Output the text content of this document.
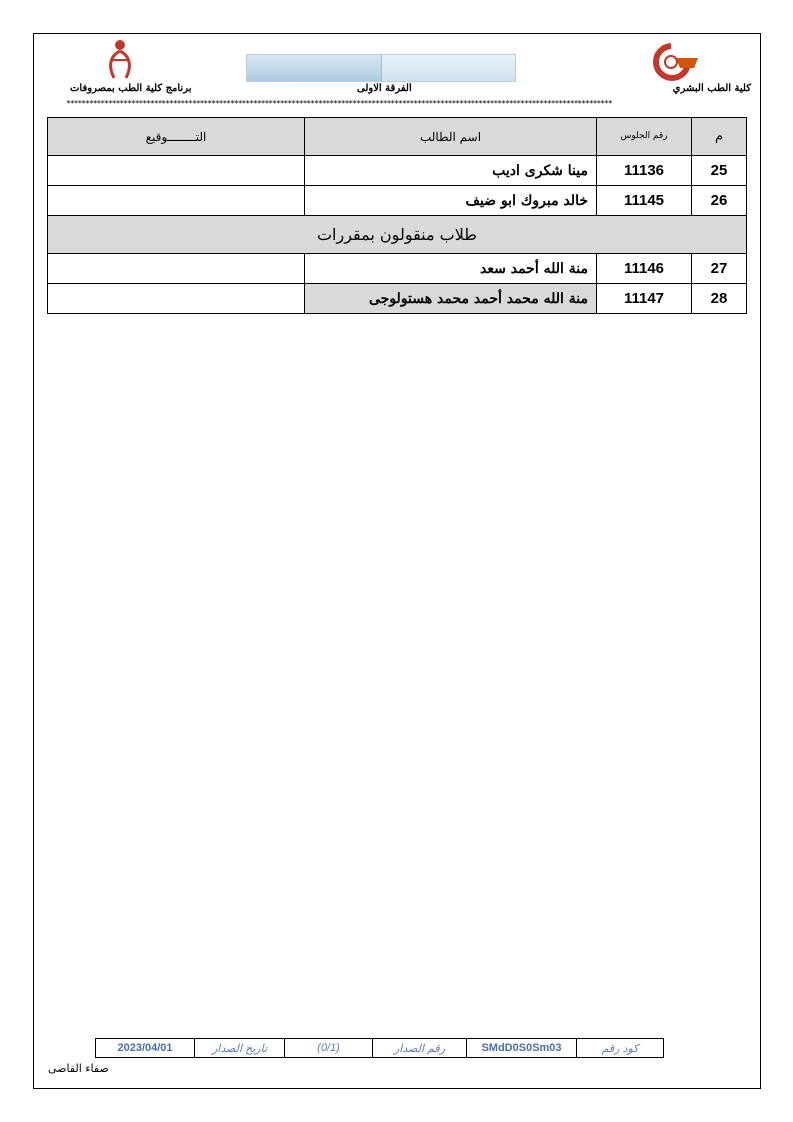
كلية الطب البشري
الفرقة الاولى
برنامج كلية الطب بمصروفات
***********************************************************************************************************************************************
م	رقم الجلوس	اسم الطالب	التــــــــوقيع
25	11136	مينا شكرى اديب	
26	11145	خالد مبروك ابو ضيف	
طلاب منقولون بمقررات			
27	11146	منة الله أحمد سعد	
28	11147	منة الله محمد أحمد محمد هستولوجى	
كود رقم	SMdD0S0Sm03	رقم الصدار	(0/1)	تاريخ الصدار	2023/04/01
صفاء القاضى
